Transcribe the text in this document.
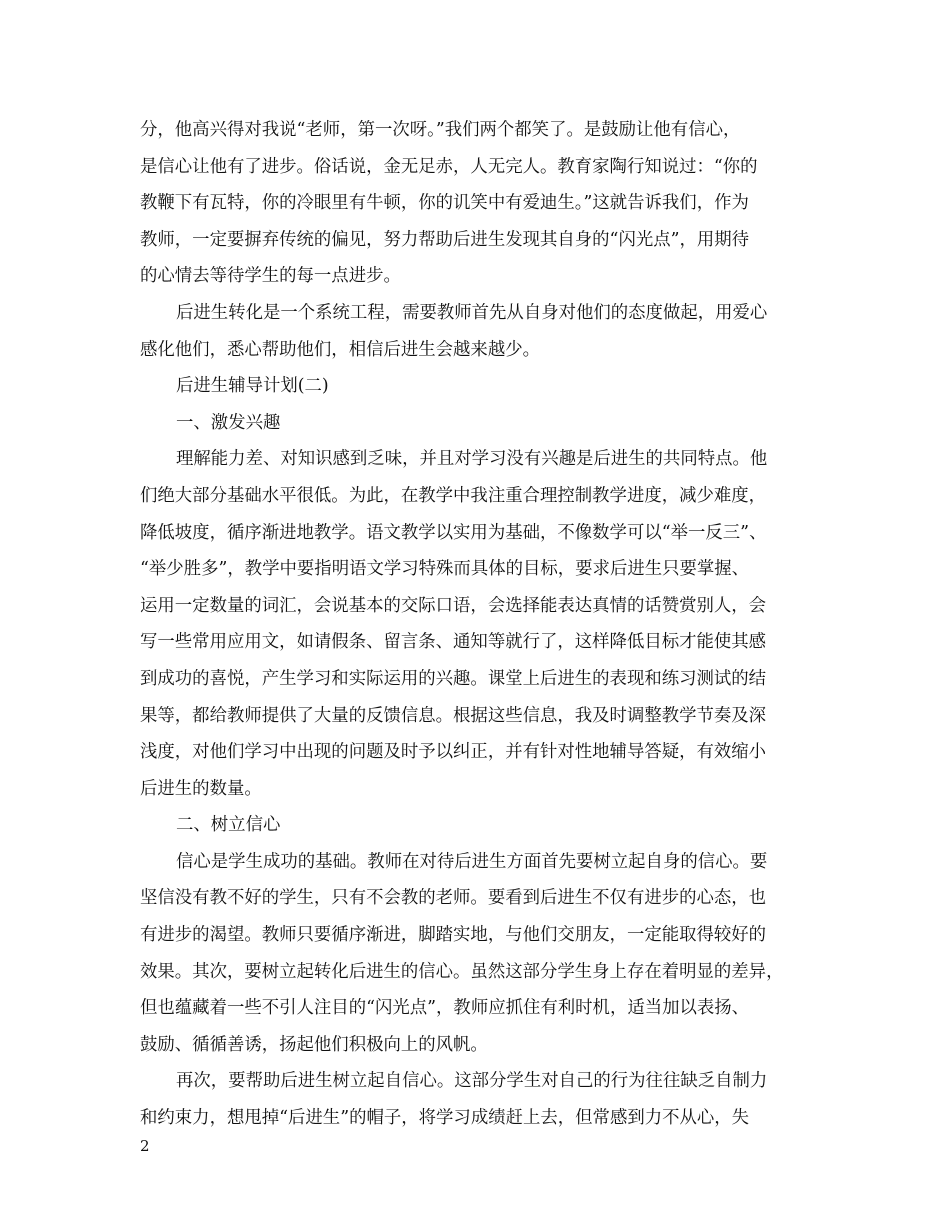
分，他高兴得对我说“老师，第一次呀。”我们两个都笑了。是鼓励让他有信心，
是信心让他有了进步。俗话说，金无足赤，人无完人。教育家陶行知说过：“你的
教鞭下有瓦特，你的冷眼里有牛顿，你的讥笑中有爱迪生。”这就告诉我们，作为
教师，一定要摒弃传统的偏见，努力帮助后进生发现其自身的“闪光点”，用期待
的心情去等待学生的每一点进步。
后进生转化是一个系统工程，需要教师首先从自身对他们的态度做起，用爱心
感化他们，悉心帮助他们，相信后进生会越来越少。
后进生辅导计划(二)
一、激发兴趣
理解能力差、对知识感到乏味，并且对学习没有兴趣是后进生的共同特点。他
们绝大部分基础水平很低。为此，在教学中我注重合理控制教学进度，减少难度，
降低坡度，循序渐进地教学。语文教学以实用为基础，不像数学可以“举一反三”、
“举少胜多”，教学中要指明语文学习特殊而具体的目标，要求后进生只要掌握、
运用一定数量的词汇，会说基本的交际口语，会选择能表达真情的话赞赏别人，会
写一些常用应用文，如请假条、留言条、通知等就行了，这样降低目标才能使其感
到成功的喜悦，产生学习和实际运用的兴趣。课堂上后进生的表现和练习测试的结
果等，都给教师提供了大量的反馈信息。根据这些信息，我及时调整教学节奏及深
浅度，对他们学习中出现的问题及时予以纠正，并有针对性地辅导答疑，有效缩小
后进生的数量。
二、树立信心
信心是学生成功的基础。教师在对待后进生方面首先要树立起自身的信心。要
坚信没有教不好的学生，只有不会教的老师。要看到后进生不仅有进步的心态，也
有进步的渴望。教师只要循序渐进，脚踏实地，与他们交朋友，一定能取得较好的
效果。其次，要树立起转化后进生的信心。虽然这部分学生身上存在着明显的差异，
但也蕴藏着一些不引人注目的“闪光点”，教师应抓住有利时机，适当加以表扬、
鼓励、循循善诱，扬起他们积极向上的风帆。
再次，要帮助后进生树立起自信心。这部分学生对自己的行为往往缺乏自制力
和约束力，想甩掉“后进生”的帽子，将学习成绩赶上去，但常感到力不从心，失
2
